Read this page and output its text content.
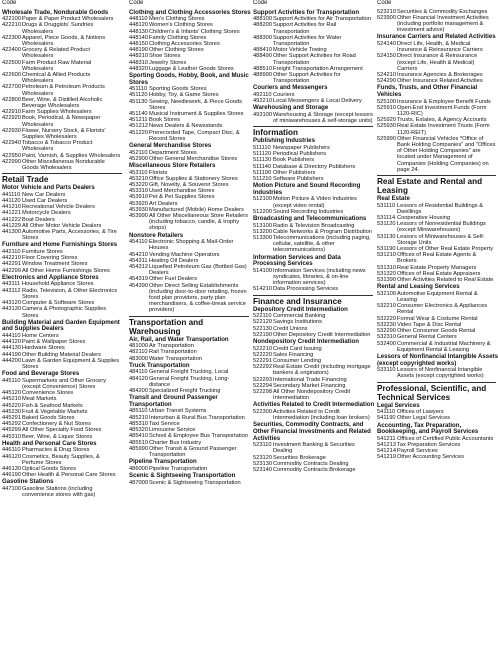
Code
Wholesale Trade, Nondurable Goods
422100 Paper & Paper Product Wholesalers
422210 Drugs & Druggists' Sundries Wholesalers
422300 Apparel, Piece Goods, & Notions Wholesalers
422400 Grocery & Related Product Wholesalers
422500 Farm Product Raw Material Wholesalers
422600 Chemical & Allied Products Wholesalers
422700 Petroleum & Petroleum Products Wholesalers
422800 Beer, Wine, & Distilled Alcoholic Beverage Wholesalers
422910 Farm Supplies Wholesalers
422920 Book, Periodical, & Newspaper Wholesalers
422930 Flower, Nursery Stock, & Florists' Supplies Wholesalers
422940 Tobacco & Tobacco Product Wholesalers
422950 Paint, Varnish, & Supplies Wholesalers
422990 Other Miscellaneous Nondurable Goods Wholesalers
Retail Trade
Motor Vehicle and Parts Dealers
441110 New Car Dealers
441120 Used Car Dealers
441210 Recreational Vehicle Dealers
441221 Motorcycle Dealers
441222 Boat Dealers
441229 All Other Motor Vehicle Dealers
441300 Automotive Parts, Accessories, & Tire Stores
Furniture and Home Furnishings Stores
442110 Furniture Stores
442210 Floor Covering Stores
442291 Window Treatment Stores
442299 All Other Home Furnishings Stores
Electronics and Appliance Stores
443111 Household Appliance Stores
443112 Radio, Television, & Other Electronics Stores
443120 Computer & Software Stores
443130 Camera & Photographic Supplies Stores
Building Material and Garden Equipment and Supplies Dealers
444110 Home Centers
444120 Paint & Wallpaper Stores
444130 Hardware Stores
444190 Other Building Material Dealers
444200 Lawn & Garden Equipment & Supplies Stores
Food and Beverage Stores
445110 Supermarkets and Other Grocery (except Convenience) Stores
445120 Convenience Stores
445210 Meat Markets
445220 Fish & Seafood Markets
445230 Fruit & Vegetable Markets
445291 Baked Goods Stores
445292 Confectionery & Nut Stores
445299 All Other Specialty Food Stores
445310 Beer, Wine, & Liquor Stores
Health and Personal Care Stores
446110 Pharmacies & Drug Stores
446120 Cosmetics, Beauty Supplies, & Perfume Stores
446130 Optical Goods Stores
446190 Other Health & Personal Care Stores
Gasoline Stations
447100 Gasoline Stations (including convenience stores with gas)
Code
Clothing and Clothing Accessories Stores
448110 Men's Clothing Stores
448120 Women's Clothing Stores
448130 Children's & Infants' Clothing Stores
448140 Family Clothing Stores
448150 Clothing Accessories Stores
448190 Other Clothing Stores
448210 Shoe Stores
448310 Jewelry Stores
448320 Luggage & Leather Goods Stores
Sporting Goods, Hobby, Book, and Music Stores
451110 Sporting Goods Stores
451120 Hobby, Toy, & Game Stores
451130 Sewing, Needlework, & Piece Goods Stores
451140 Musical Instrument & Supplies Stores
451211 Book Stores
451212 News Dealers & Newsstands
451220 Prerecorded Tape, Compact Disc, & Record Stores
General Merchandise Stores
452110 Department Stores
452900 Other General Merchandise Stores
Miscellaneous Store Retailers
453110 Florists
453210 Office Supplies & Stationery Stores
453220 Gift, Novelty, & Souvenir Stores
453310 Used Merchandise Stores
453910 Pet & Pet Supplies Stores
453920 Art Dealers
453930 Manufactured (Mobile) Home Dealers
453990 All Other Miscellaneous Store Retailers (including tobacco, candle, & trophy shops)
Nonstore Retailers
454110 Electronic Shopping & Mail-Order Houses
454210 Vending Machine Operators
454311 Heating Oil Dealers
454312 Liquefied Petroleum Gas (Bottled Gas) Dealers
454319 Other Fuel Dealers
454390 Other Direct Selling Establishments (including door-to-door retailing, frozen food plan providers, party plan merchandisers, & coffee-break service providers)
Transportation and Warehousing
Air, Rail, and Water Transportation
481000 Air Transportation
482110 Rail Transportation
483000 Water Transportation
Truck Transportation
484110 General Freight Trucking, Local
484120 General Freight Trucking, Long-distance
484200 Specialized Freight Trucking
Transit and Ground Passenger Transportation
485110 Urban Transit Systems
485210 Interurban & Rural Bus Transportation
485310 Taxi Service
485320 Limousine Service
485410 School & Employee Bus Transportation
485510 Charter Bus Industry
485990 Other Transit & Ground Passenger Transportation
Pipeline Transportation
486000 Pipeline Transportation
Scenic & Sightseeing Transportation
487000 Scenic & Sightseeing Transportation
Code
Support Activities for Transportation
488100 Support Activities for Air Transportation
488200 Support Activities for Rail Transportation
488300 Support Activities for Water Transportation
488410 Motor Vehicle Towing
488490 Other Support Activities for Road Transportation
488510 Freight Transportation Arrangement
488990 Other Support Activities for Transportation
Couriers and Messengers
492110 Couriers
492210 Local Messengers & Local Delivery
Warehousing and Storage
493100 Warehousing & Storage (except lessors of miniwarehouses & self-storage units)
Information
Publishing Industries
511110 Newspaper Publishers
511120 Periodical Publishers
511130 Book Publishers
511140 Database & Directory Publishers
511190 Other Publishers
511210 Software Publishers
Motion Picture and Sound Recording Industries
512100 Motion Picture & Video Industries (except video rental)
512200 Sound Recording Industries
Broadcasting and Telecommunications
513100 Radio & Television Broadcasting
513200 Cable Networks & Program Distribution
513300 Telecommunications (including paging, cellular, satellite, & other telecommunications)
Information Services and Data Processing Services
514100 Information Services (including news syndicates, libraries, & on-line information services)
514210 Data Processing Services
Finance and Insurance
Depository Credit Intermediation
522110 Commercial Banking
522120 Savings Institutions
522130 Credit Unions
522190 Other Depository Credit Intermediation
Nondepository Credit Intermediation
522210 Credit Card Issuing
522220 Sales Financing
522291 Consumer Lending
522292 Real Estate Credit (including mortgage bankers & originators)
522293 International Trade Financing
522294 Secondary Market Financing
522298 All Other Nondepository Credit Intermediation
Activities Related to Credit Intermediation
522300 Activities Related to Credit Intermediation (including loan brokers)
Securities, Commodity Contracts, and Other Financial Investments and Related Activities
523110 Investment Banking & Securities Dealing
523120 Securities Brokerage
523130 Commodity Contracts Dealing
523140 Commodity Contracts Brokerage
Code
523210 Securities & Commodity Exchanges
523900 Other Financial Investment Activities (including portfolio management & investment advice)
Insurance Carriers and Related Activities
524140 Direct Life, Health, & Medical Insurance & Reinsurance Carriers
524150 Direct Insurance & Reinsurance (except Life, Health & Medical) Carriers
524210 Insurance Agencies & Brokerages
524290 Other Insurance Related Activities
Funds, Trusts, and Other Financial Vehicles
525100 Insurance & Employee Benefit Funds
525910 Open-End Investment Funds (Form 1120-RIC)
525920 Trusts, Estates, & Agency Accounts
525930 Real Estate Investment Trusts (Form 1120-REIT)
525990 Other Financial Vehicles *Office of Bank Holding Companies" and "Offices of Other Holding Companies" are located under Management of Companies (Holding Companies) on page 24.
Real Estate and Rental and Leasing
Real Estate
531110 Lessors of Residential Buildings & Dwellings
531114 Cooperative Housing
531120 Lessors of Nonresidential Buildings (except Miniwarehouses)
531130 Lessors of Miniwarehouses & Self-Storage Units
531190 Lessors of Other Real Estate Property
531210 Offices of Real Estate Agents & Brokers
531310 Real Estate Property Managers
531320 Offices of Real Estate Appraisers
531390 Other Activities Related to Real Estate
Rental and Leasing Services
532100 Automotive Equipment Rental & Leasing
532210 Consumer Electronics & Appliances Rental
532220 Formal Wear & Costume Rental
532230 Video Tape & Disc Rental
532290 Other Consumer Goods Rental
532310 General Rental Centers
532400 Commercial & Industrial Machinery & Equipment Rental & Leasing
Lessors of Nonfinancial Intangible Assets (except copyrighted works)
533110 Lessors of Nonfinancial Intangible Assets (except copyrighted works)
Professional, Scientific, and Technical Services
Legal Services
541110 Offices of Lawyers
541190 Other Legal Services
Accounting, Tax Preparation, Bookkeeping, and Payroll Services
541211 Offices of Certified Public Accountants
541213 Tax Preparation Services
541214 Payroll Services
541219 Other Accounting Services
